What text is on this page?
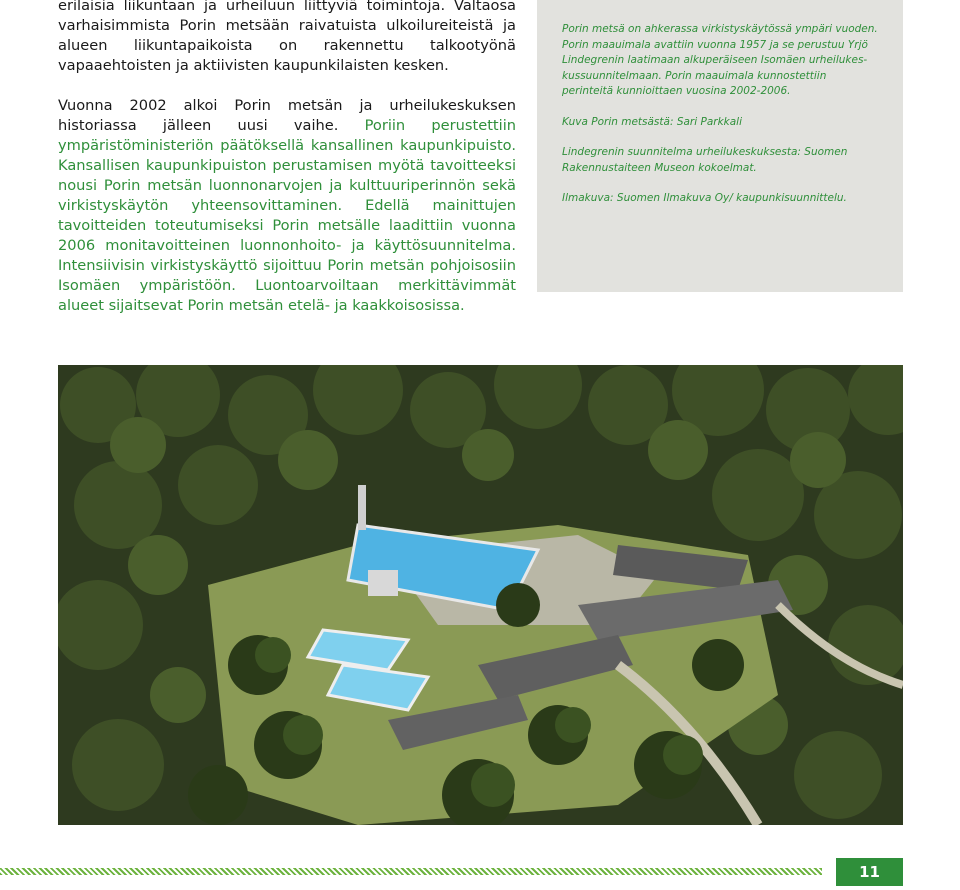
erilaisia liikuntaan ja urheiluun liittyviä toimintoja. Valtaosa varhaisimmista Porin metsään raivatuista ulkoilureiteistä ja alueen liikuntapaikoista on rakennettu talkootyönä vapaaehtoisten ja aktiivisten kaupunkilaisten kesken.

Vuonna 2002 alkoi Porin metsän ja urheilukeskuksen historiassa jälleen uusi vaihe. Poriin perustettiin ympäristöministeriön päätöksellä kansallinen kaupunkipuisto. Kansallisen kaupunkipuiston perustamisen myötä tavoitteeksi nousi Porin metsän luonnonarvojen ja kulttuuriperinnön sekä virkistyskäytön yhteensovittaminen. Edellä mainittujen tavoitteiden toteutumiseksi Porin metsälle laadittiin vuonna 2006 monitavoitteinen luonnonhoito- ja käyttösuunnitelma. Intensiivisin virkistyskäyttö sijoittuu Porin metsän pohjoisosiin Isomäen ympäristöön. Luontoarvoiltaan merkittävimmät alueet sijaitsevat Porin metsän etelä- ja kaakkoisosissa.

Porin metsä on ahkerassa virkistyskäytössä ympäri vuoden. Porin maauimala avattiin vuonna 1957 ja se perustuu Yrjö Lindegrenin laatimaan alkuperäiseen Isomäen urheilukeskussuunnitelmaan. Porin maauimala kunnostettiin perinteitä kunnioittaen vuosina 2002-2006.

Kuva Porin metsästä: Sari Parkkali

Lindegrenin suunnitelma urheilukeskuksesta: Suomen Rakennustaiteen Museon kokoelmat.

Ilmakuva: Suomen Ilmakuva Oy/ kaupunkisuunnittelu.

11
